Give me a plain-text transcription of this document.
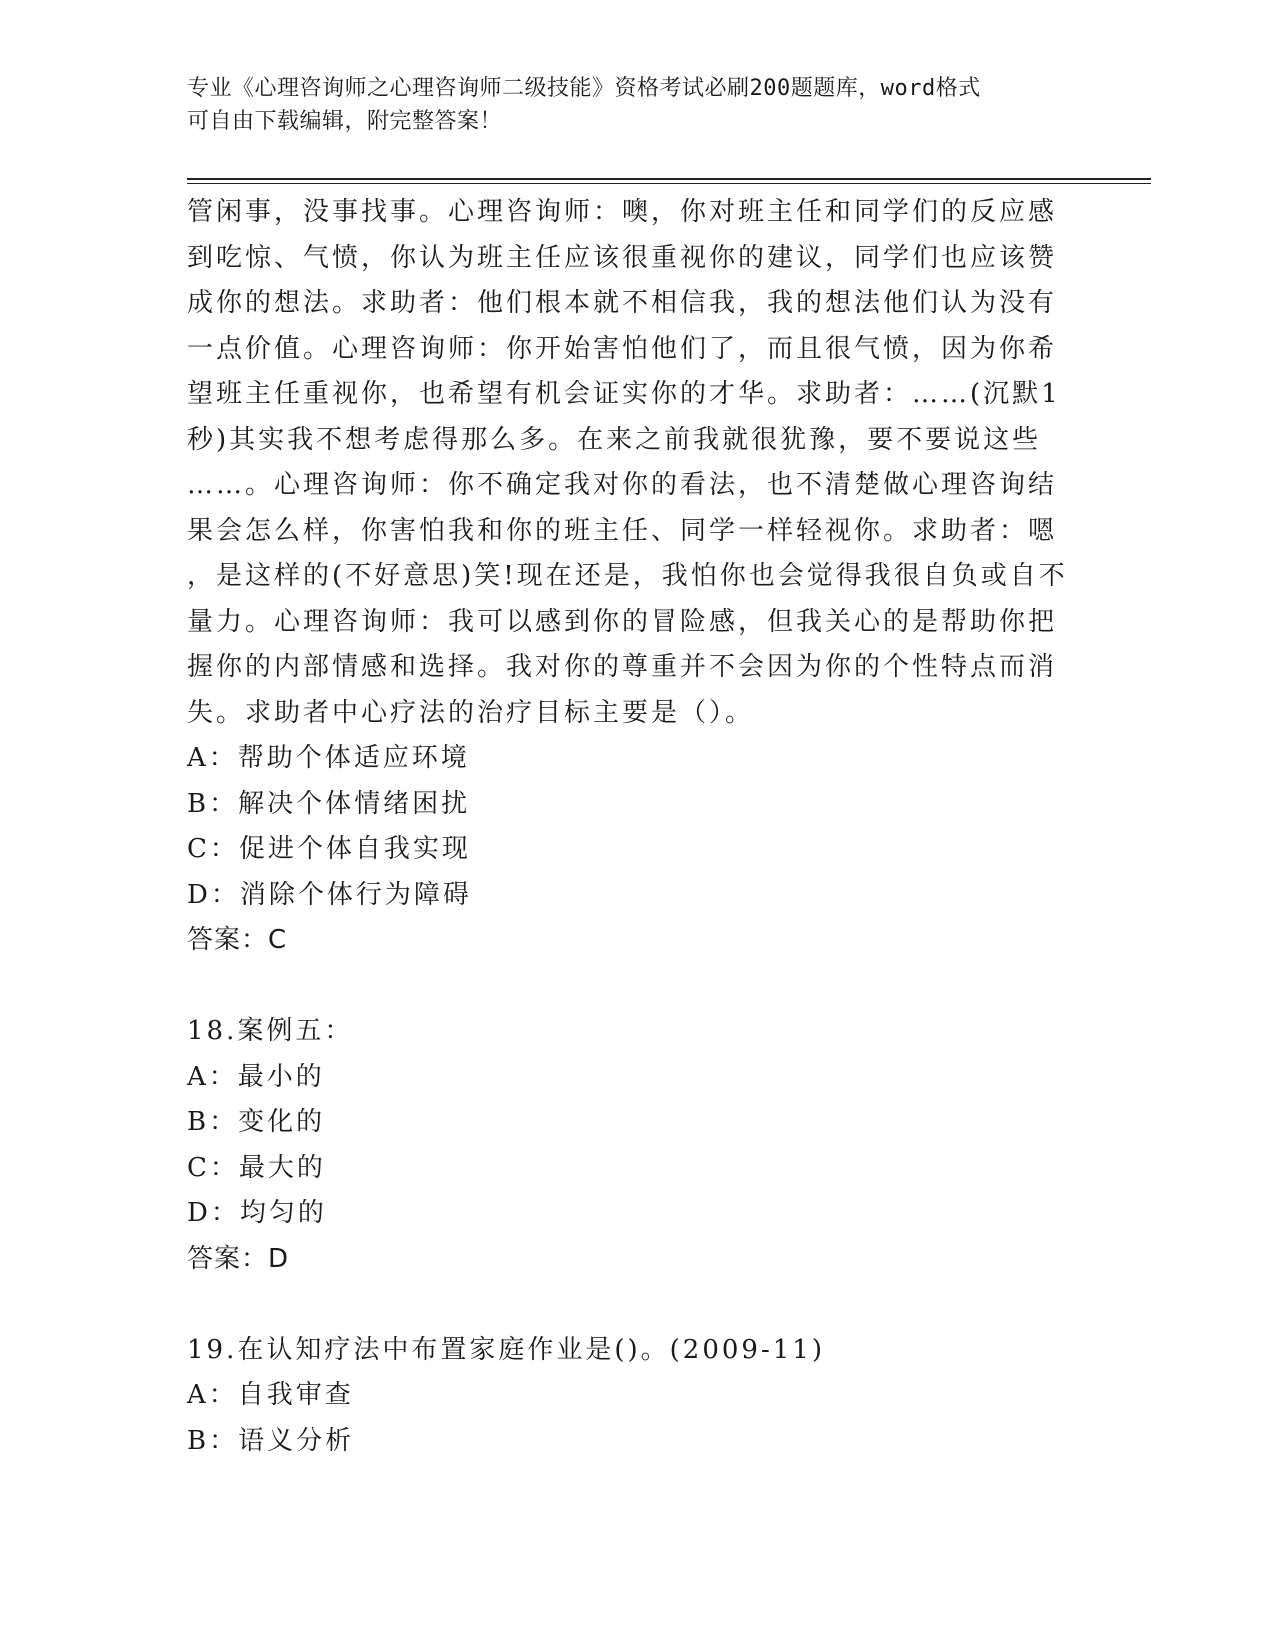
专业《心理咨询师之心理咨询师二级技能》资格考试必刷200题题库，word格式
可自由下载编辑，附完整答案！
管闲事，没事找事。心理咨询师：噢，你对班主任和同学们的反应感
到吃惊、气愤，你认为班主任应该很重视你的建议，同学们也应该赞
成你的想法。求助者：他们根本就不相信我，我的想法他们认为没有
一点价值。心理咨询师：你开始害怕他们了，而且很气愤，因为你希
望班主任重视你，也希望有机会证实你的才华。求助者：……(沉默1
秒)其实我不想考虑得那么多。在来之前我就很犹豫，要不要说这些
……。心理咨询师：你不确定我对你的看法，也不清楚做心理咨询结
果会怎么样，你害怕我和你的班主任、同学一样轻视你。求助者：嗯
，是这样的(不好意思)笑!现在还是，我怕你也会觉得我很自负或自不
量力。心理咨询师：我可以感到你的冒险感，但我关心的是帮助你把
握你的内部情感和选择。我对你的尊重并不会因为你的个性特点而消
失。求助者中心疗法的治疗目标主要是（）。
A：帮助个体适应环境
B：解决个体情绪困扰
C：促进个体自我实现
D：消除个体行为障碍
答案：C
18.案例五：
A：最小的
B：变化的
C：最大的
D：均匀的
答案：D
19.在认知疗法中布置家庭作业是()。(2009-11)
A：自我审查
B：语义分析
